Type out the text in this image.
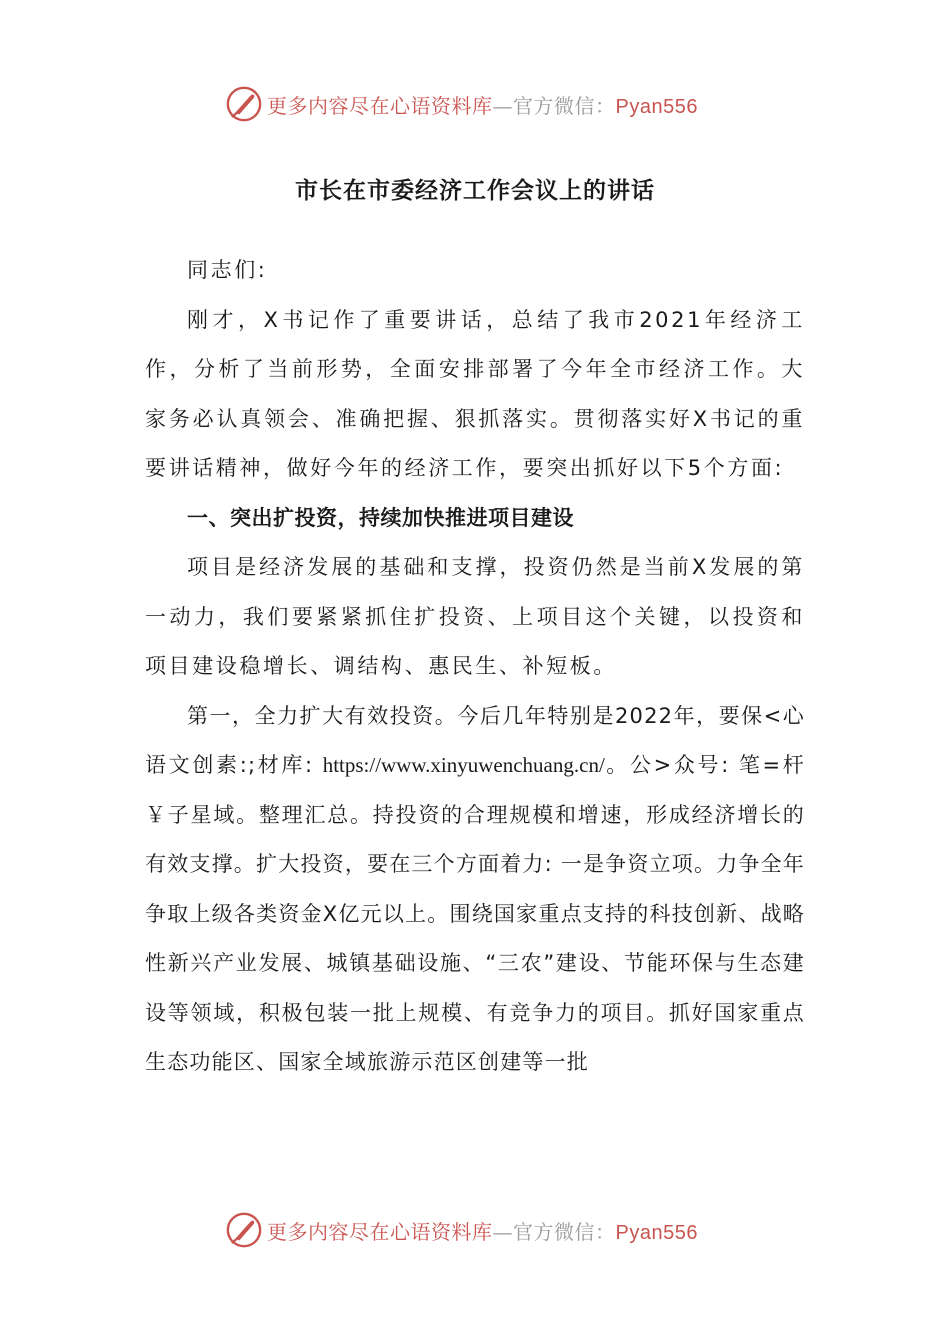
更多内容尽在心语资料库—官方微信：Pyan556
市长在市委经济工作会议上的讲话

同志们:

刚才，X书记作了重要讲话，总结了我市2021年经济工作，分析了当前形势，全面安排部署了今年全市经济工作。大家务必认真领会、准确把握、狠抓落实。贯彻落实好X书记的重要讲话精神，做好今年的经济工作，要突出抓好以下5个方面:

一、突出扩投资，持续加快推进项目建设

项目是经济发展的基础和支撑，投资仍然是当前X发展的第一动力，我们要紧紧抓住扩投资、上项目这个关键，以投资和项目建设稳增长、调结构、惠民生、补短板。

第一，全力扩大有效投资。今后几年特别是2022年，要保<心语文创素:;材库: https://www.xinyuwenchuang.cn/。公>众号: 笔=杆￥子星域。整理汇总。持投资的合理规模和增速，形成经济增长的有效支撑。扩大投资，要在三个方面着力: 一是争资立项。力争全年争取上级各类资金X亿元以上。围绕国家重点支持的科技创新、战略性新兴产业发展、城镇基础设施、“三农”建设、节能环保与生态建设等领域，积极包装一批上规模、有竞争力的项目。抓好国家重点生态功能区、国家全域旅游示范区创建等一批

更多内容尽在心语资料库—官方微信：Pyan556
